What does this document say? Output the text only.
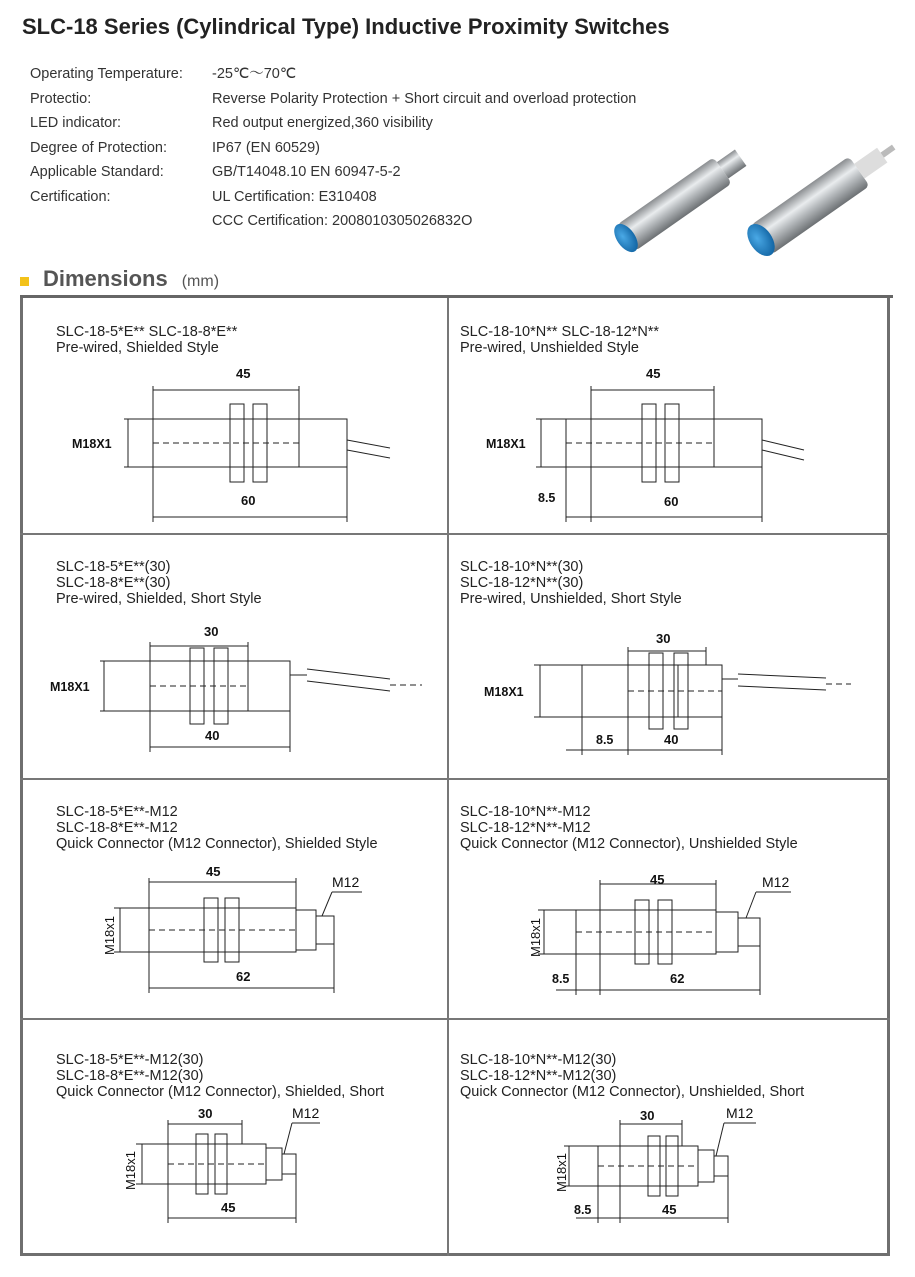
SLC-18 Series (Cylindrical Type) Inductive Proximity Switches
Operating Temperature:	-25℃～70℃
Protectio:	Reverse Polarity Protection + Short circuit and overload protection
LED indicator:	Red output energized,360 visibility
Degree of Protection:	IP67 (EN 60529)
Applicable Standard:	GB/T14048.10 EN 60947-5-2
Certification:	UL Certification: E310408
CCC Certification: 2008010305026832O
Dimensions (mm)
SLC-18-5*E** SLC-18-8*E**
Pre-wired, Shielded Style
45
60
M18X1
SLC-18-10*N** SLC-18-12*N**
Pre-wired, Unshielded Style
45
60
8.5
M18X1
SLC-18-5*E**(30)
SLC-18-8*E**(30)
Pre-wired, Shielded, Short Style
30
40
M18X1
SLC-18-10*N**(30)
SLC-18-12*N**(30)
Pre-wired, Unshielded, Short Style
30
40
8.5
M18X1
SLC-18-5*E**-M12
SLC-18-8*E**-M12
Quick Connector (M12 Connector), Shielded Style
45
62
M12
M18x1
SLC-18-10*N**-M12
SLC-18-12*N**-M12
Quick Connector (M12 Connector), Unshielded Style
45
62
8.5
M12
M18x1
SLC-18-5*E**-M12(30)
SLC-18-8*E**-M12(30)
Quick Connector (M12 Connector), Shielded, Short
30
45
M12
M18x1
SLC-18-10*N**-M12(30)
SLC-18-12*N**-M12(30)
Quick Connector (M12 Connector), Unshielded, Short
30
45
8.5
M12
M18x1
